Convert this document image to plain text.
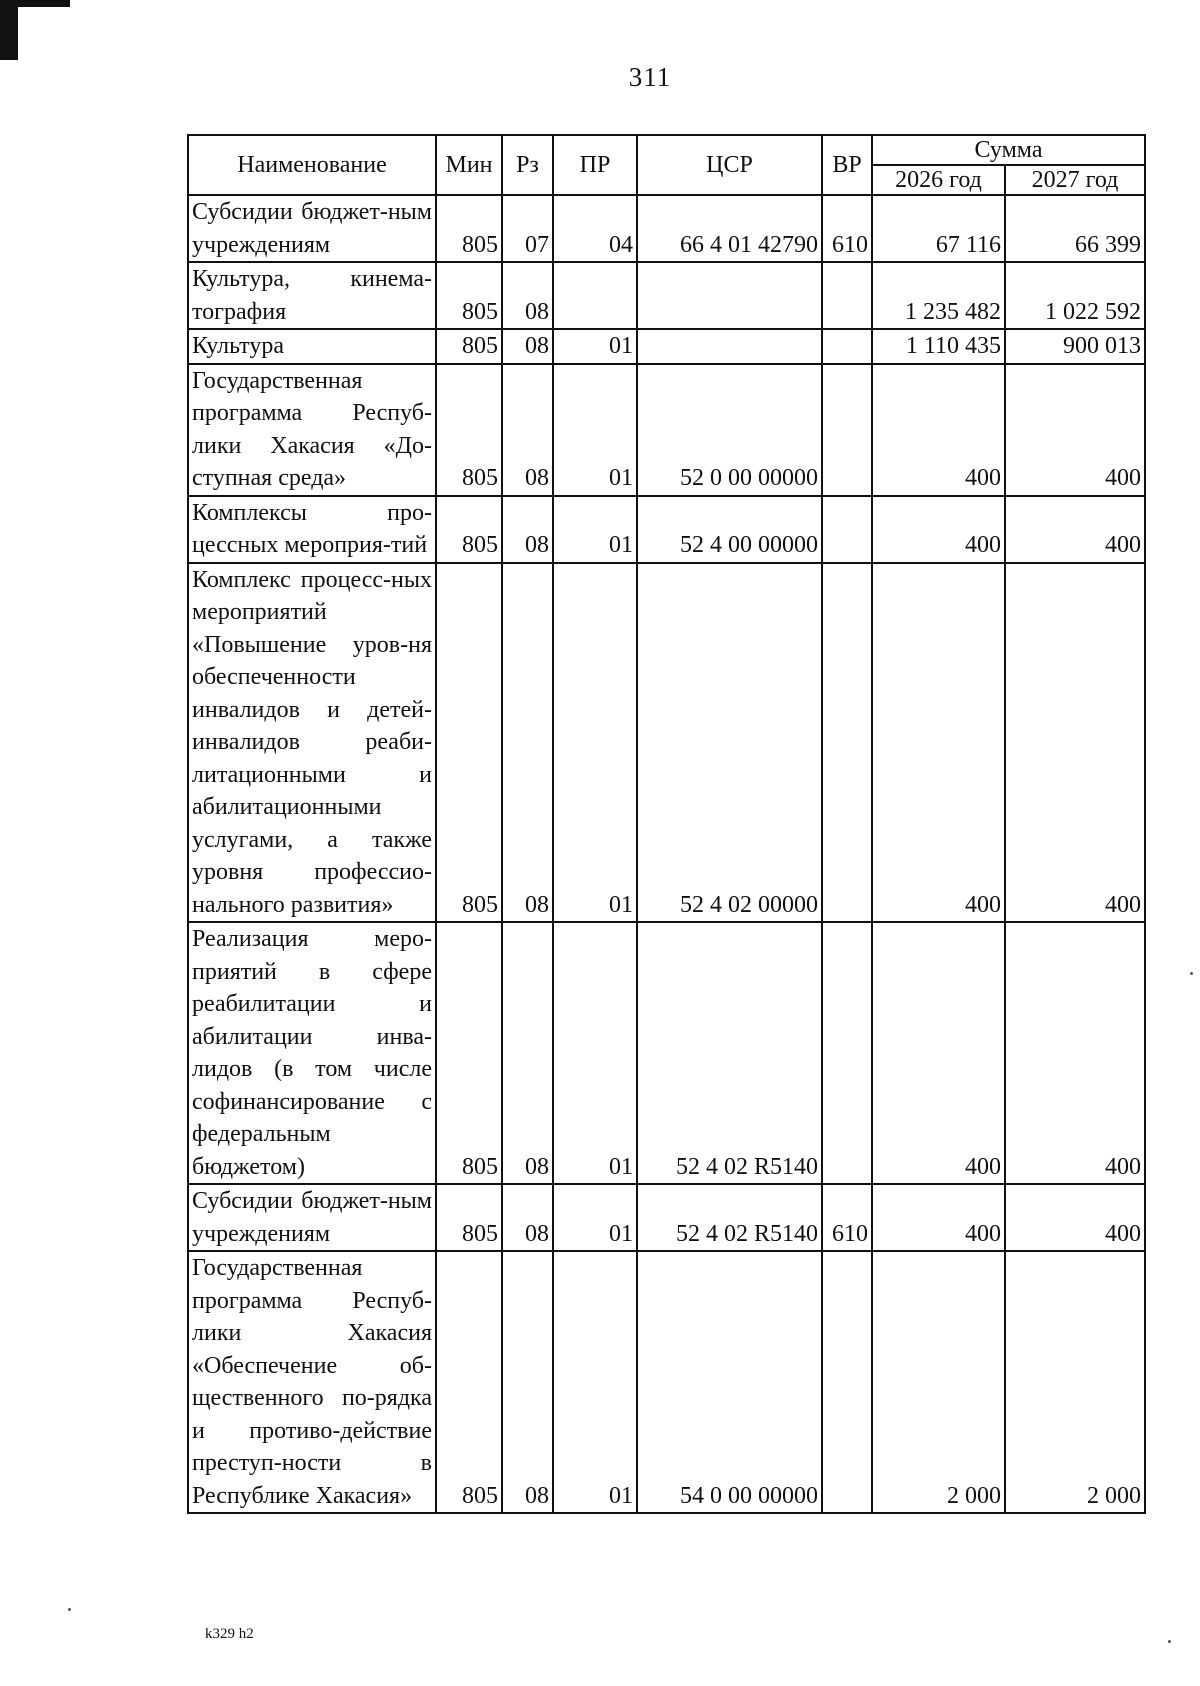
311
Наименование	Мин	Рз	ПР	ЦСР	ВР	Сумма	
						2026 год	2027 год
Субсидии бюджет-ным учреждениям	805	07	04	66 4 01 42790	610	67 116	66 399
Культура, кинема-тография	805	08				1 235 482	1 022 592
Культура	805	08	01			1 110 435	900 013
Государственная программа Респуб-лики Хакасия «До-ступная среда»	805	08	01	52 0 00 00000		400	400
Комплексы про-цессных мероприя-тий	805	08	01	52 4 00 00000		400	400
Комплекс процесс-ных мероприятий «Повышение уров-ня обеспеченности инвалидов и детей-инвалидов реаби-литационными и абилитационными услугами, а также уровня профессио-нального развития»	805	08	01	52 4 02 00000		400	400
Реализация меро-приятий в сфере реабилитации и абилитации инва-лидов (в том числе софинансирование с федеральным бюджетом)	805	08	01	52 4 02 R5140		400	400
Субсидии бюджет-ным учреждениям	805	08	01	52 4 02 R5140	610	400	400
Государственная программа Респуб-лики Хакасия «Обеспечение об-щественного по-рядка и противо-действие преступ-ности в Республике Хакасия»	805	08	01	54 0 00 00000		2 000	2 000
k329 h2
